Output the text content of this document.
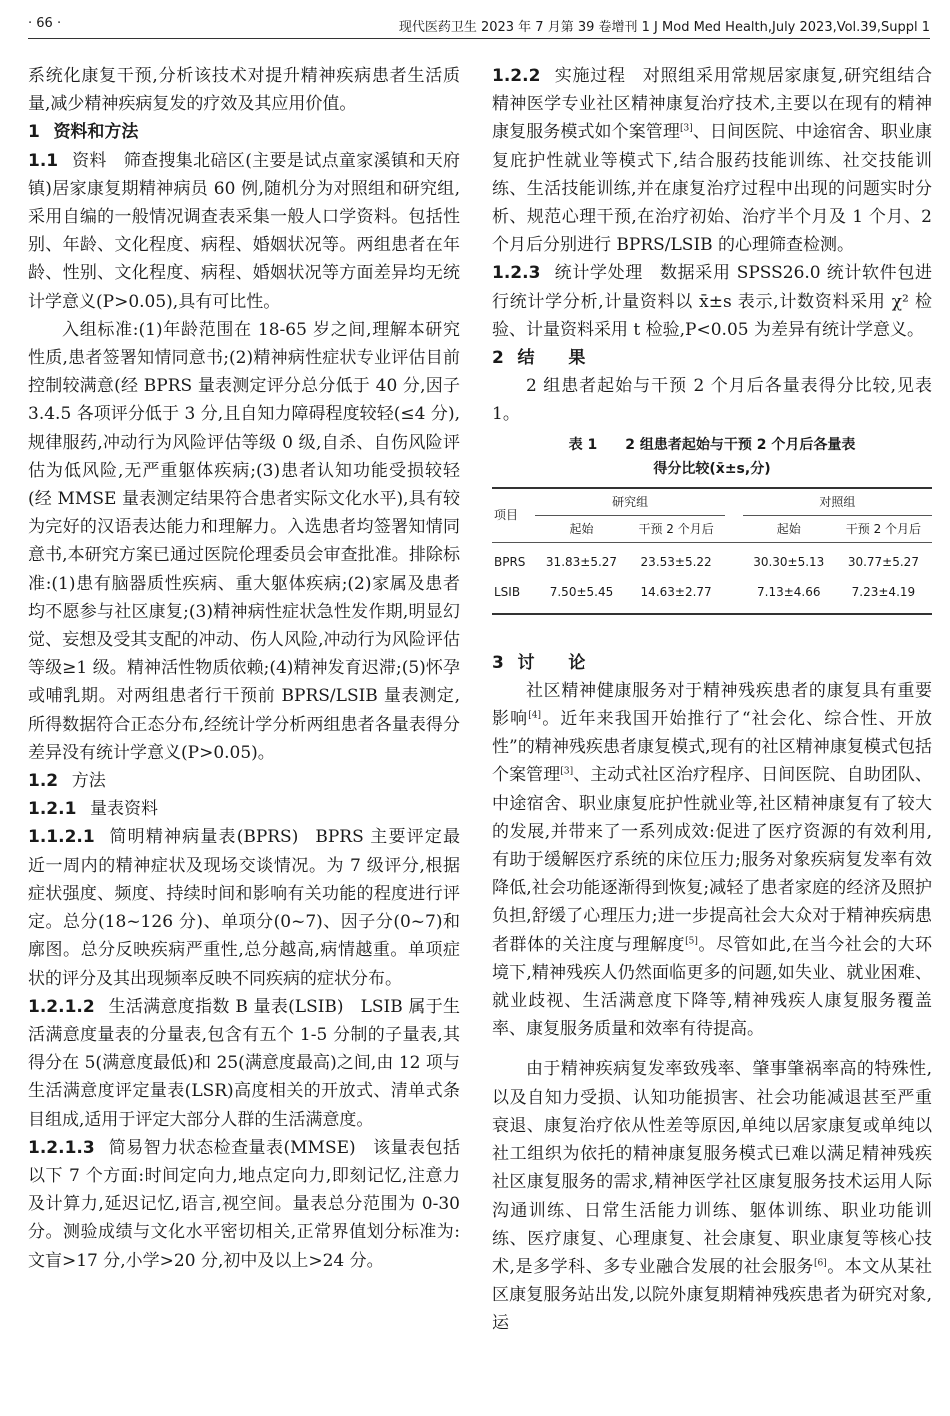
· 66 ·	现代医药卫生 2023 年 7 月第 39 卷增刊 1 J Mod Med Health,July 2023,Vol.39,Suppl 1

系统化康复干预,分析该技术对提升精神疾病患者生活质量,减少精神疾病复发的疗效及其应用价值。

1 资料和方法

1.1 资料 筛查搜集北碚区(主要是试点童家溪镇和天府镇)居家康复期精神病员 60 例,随机分为对照组和研究组,采用自编的一般情况调查表采集一般人口学资料。包括性别、年龄、文化程度、病程、婚姻状况等。两组患者在年龄、性别、文化程度、病程、婚姻状况等方面差异均无统计学意义(P>0.05),具有可比性。

入组标准:(1)年龄范围在 18-65 岁之间,理解本研究性质,患者签署知情同意书;(2)精神病性症状专业评估目前控制较满意(经 BPRS 量表测定评分总分低于 40 分,因子 3.4.5 各项评分低于 3 分,且自知力障碍程度较轻(≤4 分),规律服药,冲动行为风险评估等级 0 级,自杀、自伤风险评估为低风险,无严重躯体疾病;(3)患者认知功能受损较轻(经 MMSE 量表测定结果符合患者实际文化水平),具有较为完好的汉语表达能力和理解力。入选患者均签署知情同意书,本研究方案已通过医院伦理委员会审查批准。排除标准:(1)患有脑器质性疾病、重大躯体疾病;(2)家属及患者均不愿参与社区康复;(3)精神病性症状急性发作期,明显幻觉、妄想及受其支配的冲动、伤人风险,冲动行为风险评估等级≥1 级。精神活性物质依赖;(4)精神发育迟滞;(5)怀孕或哺乳期。对两组患者行干预前 BPRS/LSIB 量表测定,所得数据符合正态分布,经统计学分析两组患者各量表得分差异没有统计学意义(P>0.05)。

1.2 方法

1.2.1 量表资料

1.1.2.1 简明精神病量表(BPRS) BPRS 主要评定最近一周内的精神症状及现场交谈情况。为 7 级评分,根据症状强度、频度、持续时间和影响有关功能的程度进行评定。总分(18~126 分)、单项分(0~7)、因子分(0~7)和廓图。总分反映疾病严重性,总分越高,病情越重。单项症状的评分及其出现频率反映不同疾病的症状分布。

1.2.1.2 生活满意度指数 B 量表(LSIB) LSIB 属于生活满意度量表的分量表,包含有五个 1-5 分制的子量表,其得分在 5(满意度最低)和 25(满意度最高)之间,由 12 项与生活满意度评定量表(LSR)高度相关的开放式、清单式条目组成,适用于评定大部分人群的生活满意度。

1.2.1.3 简易智力状态检查量表(MMSE) 该量表包括以下 7 个方面:时间定向力,地点定向力,即刻记忆,注意力及计算力,延迟记忆,语言,视空间。量表总分范围为 0-30 分。测验成绩与文化水平密切相关,正常界值划分标准为:文盲>17 分,小学>20 分,初中及以上>24 分。

1.2.2 实施过程 对照组采用常规居家康复,研究组结合精神医学专业社区精神康复治疗技术,主要以在现有的精神康复服务模式如个案管理[3]、日间医院、中途宿舍、职业康复庇护性就业等模式下,结合服药技能训练、社交技能训练、生活技能训练,并在康复治疗过程中出现的问题实时分析、规范心理干预,在治疗初始、治疗半个月及 1 个月、2 个月后分别进行 BPRS/LSIB 的心理筛查检测。

1.2.3 统计学处理 数据采用 SPSS26.0 统计软件包进行统计学分析,计量资料以 x̄±s 表示,计数资料采用 χ² 检验、计量资料采用 t 检验,P<0.05 为差异有统计学意义。

2 结　　果

2 组患者起始与干预 2 个月后各量表得分比较,见表 1。

表 1　　2 组患者起始与干预 2 个月后各量表
得分比较(x̄±s,分)
项目	研究组			对照组	
	起始	干预 2 个月后		起始	干预 2 个月后
BPRS	31.83±5.27	23.53±5.22		30.30±5.13	30.77±5.27
LSIB	7.50±5.45	14.63±2.77		7.13±4.66	7.23±4.19

3 讨　　论

社区精神健康服务对于精神残疾患者的康复具有重要影响[4]。近年来我国开始推行了“社会化、综合性、开放性”的精神残疾患者康复模式,现有的社区精神康复模式包括个案管理[3]、主动式社区治疗程序、日间医院、自助团队、中途宿舍、职业康复庇护性就业等,社区精神康复有了较大的发展,并带来了一系列成效:促进了医疗资源的有效利用,有助于缓解医疗系统的床位压力;服务对象疾病复发率有效降低,社会功能逐渐得到恢复;减轻了患者家庭的经济及照护负担,舒缓了心理压力;进一步提高社会大众对于精神疾病患者群体的关注度与理解度[5]。尽管如此,在当今社会的大环境下,精神残疾人仍然面临更多的问题,如失业、就业困难、就业歧视、生活满意度下降等,精神残疾人康复服务覆盖率、康复服务质量和效率有待提高。

由于精神疾病复发率致残率、肇事肇祸率高的特殊性,以及自知力受损、认知功能损害、社会功能减退甚至严重衰退、康复治疗依从性差等原因,单纯以居家康复或单纯以社工组织为依托的精神康复服务模式已难以满足精神残疾社区康复服务的需求,精神医学社区康复服务技术运用人际沟通训练、日常生活能力训练、躯体训练、职业功能训练、医疗康复、心理康复、社会康复、职业康复等核心技术,是多学科、多专业融合发展的社会服务[6]。本文从某社区康复服务站出发,以院外康复期精神残疾患者为研究对象,运
